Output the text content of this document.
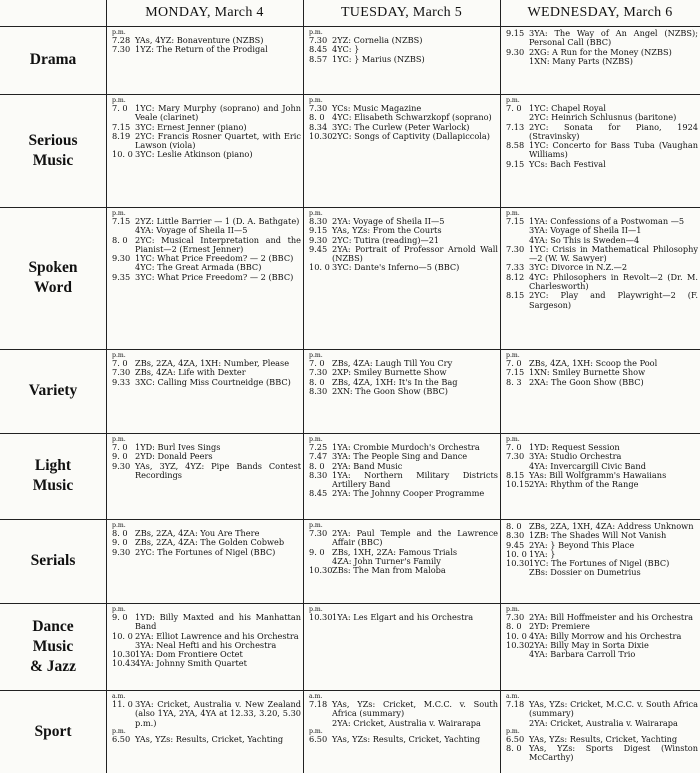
MONDAY, March 4	TUESDAY, March 5	WEDNESDAY, March 6
Drama
p.m.
7.28 YAs, 4YZ: Bonaventure (NZBS)
7.30 1YZ: The Return of the Prodigal
p.m.
7.30 2YZ: Cornelia (NZBS)
8.45 4YC: }
8.57 1YC: } Marius (NZBS)
9.15 3YA: The Way of An Angel (NZBS); Personal Call (BBC)
9.30 2XG: A Run for the Money (NZBS)
1XN: Many Parts (NZBS)
Serious
Music
p.m.
7. 0 1YC: Mary Murphy (soprano) and John Veale (clarinet)
7.15 3YC: Ernest Jenner (piano)
8.19 2YC: Francis Rosner Quartet, with Eric Lawson (viola)
10. 0 3YC: Leslie Atkinson (piano)
p.m.
7.30 YCs: Music Magazine
8. 0 4YC: Elisabeth Schwarzkopf (soprano)
8.34 3YC: The Curlew (Peter Warlock)
10.30 2YC: Songs of Captivity (Dallapiccola)
p.m.
7. 0 1YC: Chapel Royal
2YC: Heinrich Schlusnus (baritone)
7.13 2YC: Sonata for Piano, 1924 (Stravinsky)
8.58 1YC: Concerto for Bass Tuba (Vaughan Williams)
9.15 YCs: Bach Festival
Spoken
Word
p.m.
7.15 2YZ: Little Barrier — 1 (D. A. Bathgate)
4YA: Voyage of Sheila II—5
8. 0 2YC: Musical Interpretation and the Pianist—2 (Ernest Jenner)
9.30 1YC: What Price Freedom? — 2 (BBC)
4YC: The Great Armada (BBC)
9.35 3YC: What Price Freedom? — 2 (BBC)
p.m.
8.30 2YA: Voyage of Sheila II—5
9.15 YAs, YZs: From the Courts
9.30 2YC: Tutira (reading)—21
9.45 2YA: Portrait of Professor Arnold Wall (NZBS)
10. 0 3YC: Dante's Inferno—5 (BBC)
p.m.
7.15 1YA: Confessions of a Postwoman —5
3YA: Voyage of Sheila II—1
4YA: So This is Sweden—4
7.30 1YC: Crisis in Mathematical Philosophy—2 (W. W. Sawyer)
7.33 3YC: Divorce in N.Z.—2
8.12 4YC: Philosophers in Revolt—2 (Dr. M. Charlesworth)
8.15 2YC: Play and Playwright—2 (F. Sargeson)
Variety
p.m.
7. 0 ZBs, 2ZA, 4ZA, 1XH: Number, Please
7.30 ZBs, 4ZA: Life with Dexter
9.33 3XC: Calling Miss Courtneidge (BBC)
p.m.
7. 0 ZBs, 4ZA: Laugh Till You Cry
7.30 2XP: Smiley Burnette Show
8. 0 ZBs, 4ZA, 1XH: It's In the Bag
8.30 2XN: The Goon Show (BBC)
p.m.
7. 0 ZBs, 4ZA, 1XH: Scoop the Pool
7.15 1XN: Smiley Burnette Show
8. 3 2XA: The Goon Show (BBC)
Light
Music
p.m.
7. 0 1YD: Burl Ives Sings
9. 0 2YD: Donald Peers
9.30 YAs, 3YZ, 4YZ: Pipe Bands Contest Recordings
p.m.
7.25 1YA: Crombie Murdoch's Orchestra
7.47 3YA: The People Sing and Dance
8. 0 2YA: Band Music
8.30 1YA: Northern Military Districts Artillery Band
8.45 2YA: The Johnny Cooper Programme
p.m.
7. 0 1YD: Request Session
7.30 3YA: Studio Orchestra
4YA: Invercargill Civic Band
8.15 YAs: Bill Wolfgramm's Hawaiians
10.15 2YA: Rhythm of the Range
Serials
p.m.
8. 0 ZBs, 2ZA, 4ZA: You Are There
9. 0 ZBs, 2ZA, 4ZA: The Golden Cobweb
9.30 2YC: The Fortunes of Nigel (BBC)
p.m.
7.30 2YA: Paul Temple and the Lawrence Affair (BBC)
9. 0 ZBs, 1XH, 2ZA: Famous Trials
4ZA: John Turner's Family
10.30 ZBs: The Man from Maloba
8. 0 ZBs, 2ZA, 1XH, 4ZA: Address Unknown
8.30 1ZB: The Shades Will Not Vanish
9.45 2YA: } Beyond This Place
10. 0 1YA: }
10.30 1YC: The Fortunes of Nigel (BBC)
ZBs: Dossier on Dumetrius
Dance
Music
& Jazz
p.m.
9. 0 1YD: Billy Maxted and his Manhattan Band
10. 0 2YA: Elliot Lawrence and his Orchestra
3YA: Neal Hefti and his Orchestra
10.30 1YA: Dom Frontiere Octet
10.43 4YA: Johnny Smith Quartet
p.m.
10.30 1YA: Les Elgart and his Orchestra
p.m.
7.30 2YA: Bill Hoffmeister and his Orchestra
8. 0 2YD: Premiere
10. 0 4YA: Billy Morrow and his Orchestra
10.30 2YA: Billy May in Sorta Dixie
4YA: Barbara Carroll Trio
Sport
a.m.
11. 0 3YA: Cricket, Australia v. New Zealand (also 1YA, 2YA, 4YA at 12.33, 3.20, 5.30 p.m.)
p.m.
6.50 YAs, YZs: Results, Cricket, Yachting
a.m.
7.18 YAs, YZs: Cricket, M.C.C. v. South Africa (summary)
2YA: Cricket, Australia v. Wairarapa
p.m.
6.50 YAs, YZs: Results, Cricket, Yachting
a.m.
7.18 YAs, YZs: Cricket, M.C.C. v. South Africa (summary)
2YA: Cricket, Australia v. Wairarapa
p.m.
6.50 YAs, YZs: Results, Cricket, Yachting
8. 0 YAs, YZs: Sports Digest (Winston McCarthy)
